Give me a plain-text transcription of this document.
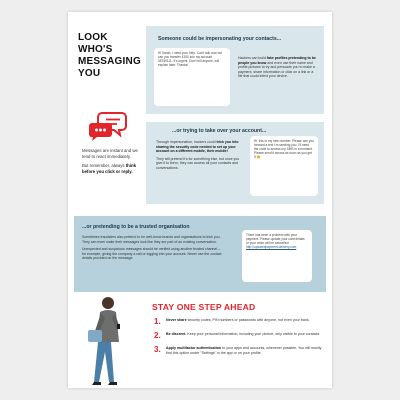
LOOK
WHO'S
MESSAGING
YOU

Messages are instant and we tend to react immediately.

But remember, always think before you click or reply.

Someone could be impersonating your contacts...
Hi Sarah, I need your help. Can't talk now but can you transfer £150 into my account 08759111. It's urgent. Don't tell anyone, will explain later. Thanks!

Hackers can build fake profiles pretending to be people you know and even use their name and profile pictures to try and persuade you to make a payment, share information or click on a link or a file that could infect your device.

...or trying to take over your account...

Through impersonation, hackers could trick you into sharing the security code needed to set up your account on a different mobile, their mobile!

They will pretend it's for something else, but once you give it to them, they can access all your contacts and conversations.

Hi, this is my new number. Please can you forward a text I'm sending you. I'll need the code to access my SMS in a moment. Please send it across as soon as you get it 😊
...or pretending to be a trusted organisation

Sometimes fraudsters also pretend to be well-know brands and organisations to trick you. They can even make their messages look like they are part of an existing conversation.

Unexpected and suspicious messages should be verified using another trusted channel – for example, giving the company a call or logging into your account. Never use the contact details provided on the message.

There has been a problem with your payment. Please update your card details or your order will be cancelled: http://updatedpayment.delivery.com
STAY ONE STEP AHEAD
1.	Never share security codes, PIN numbers or passwords with anyone, not even your bank.
2.	Be discreet. Keep your personal information, including your picture, only visible to your contacts.
3.	Apply multifactor authentication to your apps and accounts, whenever possible. You will mostly find this option under "Settings" in the app or on your profile.
